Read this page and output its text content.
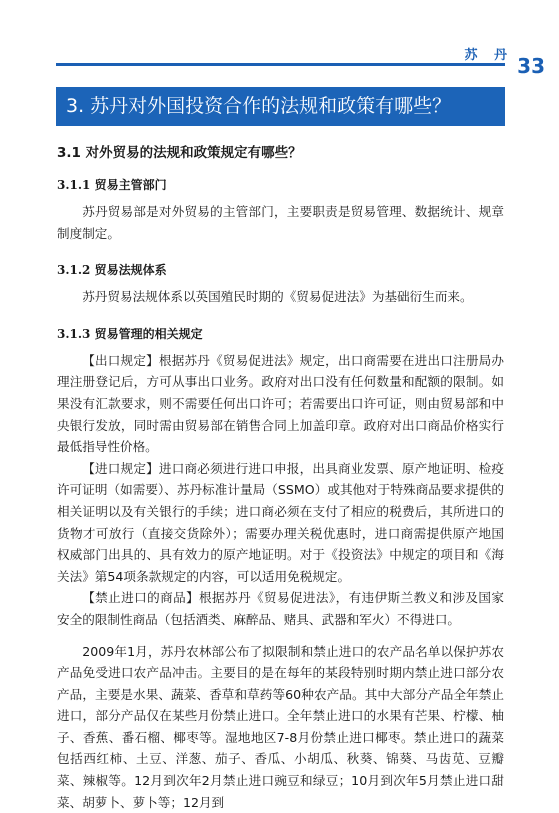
苏 丹 33
3. 苏丹对外国投资合作的法规和政策有哪些？
3.1 对外贸易的法规和政策规定有哪些？
3.1.1 贸易主管部门

苏丹贸易部是对外贸易的主管部门，主要职责是贸易管理、数据统计、规章制度制定。

3.1.2 贸易法规体系

苏丹贸易法规体系以英国殖民时期的《贸易促进法》为基础衍生而来。

3.1.3 贸易管理的相关规定

【出口规定】根据苏丹《贸易促进法》规定，出口商需要在进出口注册局办理注册登记后，方可从事出口业务。政府对出口没有任何数量和配额的限制。如果没有汇款要求，则不需要任何出口许可；若需要出口许可证，则由贸易部和中央银行发放，同时需由贸易部在销售合同上加盖印章。政府对出口商品价格实行最低指导性价格。

【进口规定】进口商必须进行进口申报，出具商业发票、原产地证明、检疫许可证明（如需要）、苏丹标准计量局（SSMO）或其他对于特殊商品要求提供的相关证明以及有关银行的手续；进口商必须在支付了相应的税费后，其所进口的货物才可放行（直接交货除外）；需要办理关税优惠时，进口商需提供原产地国权威部门出具的、具有效力的原产地证明。对于《投资法》中规定的项目和《海关法》第54项条款规定的内容，可以适用免税规定。

【禁止进口的商品】根据苏丹《贸易促进法》，有违伊斯兰教义和涉及国家安全的限制性商品（包括酒类、麻醉品、赌具、武器和军火）不得进口。

2009年1月，苏丹农林部公布了拟限制和禁止进口的农产品名单以保护苏农产品免受进口农产品冲击。主要目的是在每年的某段特别时期内禁止进口部分农产品，主要是水果、蔬菜、香草和草药等60种农产品。其中大部分产品全年禁止进口，部分产品仅在某些月份禁止进口。全年禁止进口的水果有芒果、柠檬、柚子、香蕉、番石榴、椰枣等。湿地地区7-8月份禁止进口椰枣。禁止进口的蔬菜包括西红柿、土豆、洋葱、茄子、香瓜、小胡瓜、秋葵、锦葵、马齿苋、豆瓣菜、辣椒等。12月到次年2月禁止进口豌豆和绿豆；10月到次年5月禁止进口甜菜、胡萝卜、萝卜等；12月到
